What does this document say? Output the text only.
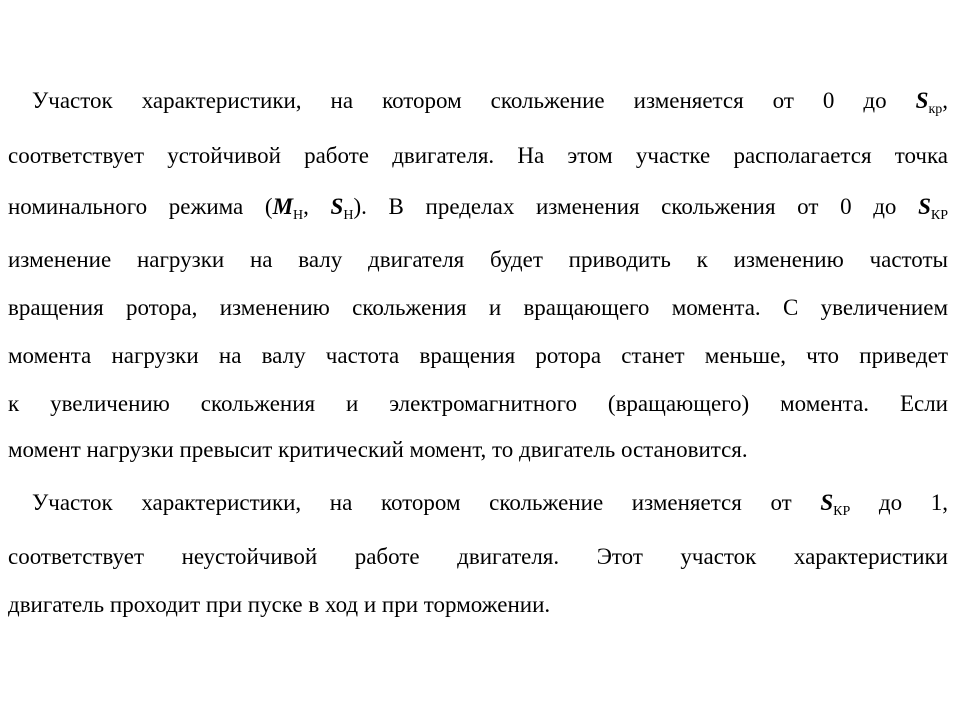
Участок характеристики, на котором скольжение изменяется от 0 до $S_{кр}$,
соответствует устойчивой работе двигателя. На этом участке располагается точка
номинального режима ($M_Н$, $S_Н$). В пределах изменения скольжения от 0 до $S_{КР}$
изменение нагрузки на валу двигателя будет приводить к изменению частоты
вращения ротора, изменению скольжения и вращающего момента. С увеличением
момента нагрузки на валу частота вращения ротора станет меньше, что приведет
к увеличению скольжения и электромагнитного (вращающего) момента. Если
момент нагрузки превысит критический момент, то двигатель остановится.
Участок характеристики, на котором скольжение изменяется от $S_{КР}$ до 1,
соответствует неустойчивой работе двигателя. Этот участок характеристики
двигатель проходит при пуске в ход и при торможении.
